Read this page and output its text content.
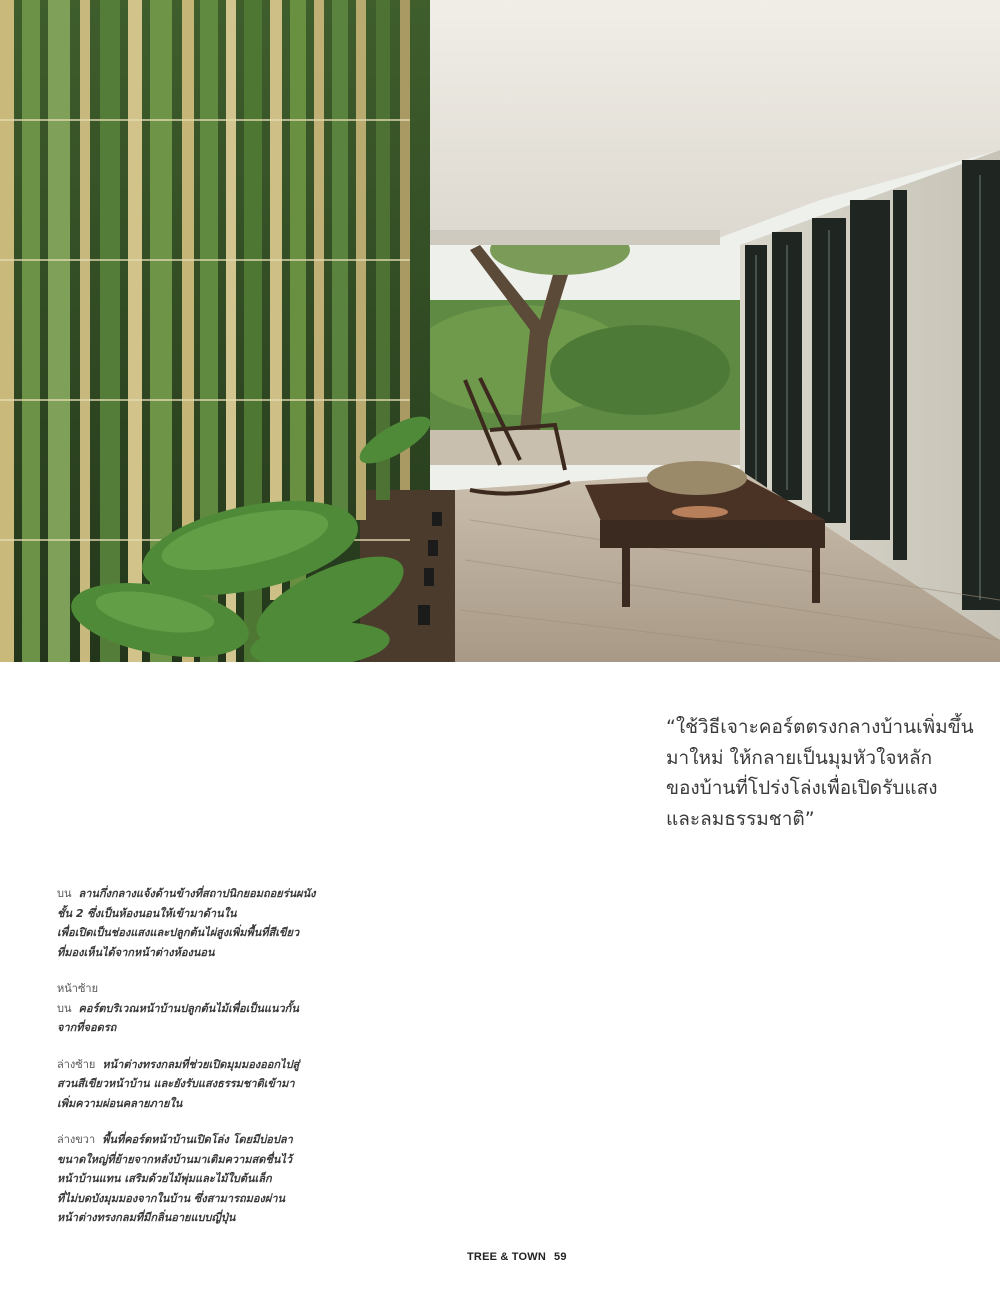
“ใช้วิธีเจาะคอร์ตตรงกลางบ้านเพิ่มขึ้น
มาใหม่ ให้กลายเป็นมุมหัวใจหลัก
ของบ้านที่โปร่งโล่งเพื่อเปิดรับแสง
และลมธรรมชาติ”
บน ลานกึ่งกลางแจ้งด้านข้างที่สถาปนิกยอมถอยร่นผนัง
ชั้น 2 ซึ่งเป็นห้องนอนให้เข้ามาด้านใน
เพื่อเปิดเป็นช่องแสงและปลูกต้นไผ่สูงเพิ่มพื้นที่สีเขียว
ที่มองเห็นได้จากหน้าต่างห้องนอน
หน้าซ้าย
บน คอร์ตบริเวณหน้าบ้านปลูกต้นไม้เพื่อเป็นแนวกั้น
จากที่จอดรถ
ล่างซ้าย หน้าต่างทรงกลมที่ช่วยเปิดมุมมองออกไปสู่
สวนสีเขียวหน้าบ้าน และยังรับแสงธรรมชาติเข้ามา
เพิ่มความผ่อนคลายภายใน
ล่างขวา พื้นที่คอร์ตหน้าบ้านเปิดโล่ง โดยมีบ่อปลา
ขนาดใหญ่ที่ย้ายจากหลังบ้านมาเติมความสดชื่นไว้
หน้าบ้านแทน เสริมด้วยไม้พุ่มและไม้ใบต้นเล็ก
ที่ไม่บดบังมุมมองจากในบ้าน ซึ่งสามารถมองผ่าน
หน้าต่างทรงกลมที่มีกลิ่นอายแบบญี่ปุ่น
TREE & TOWN 59
